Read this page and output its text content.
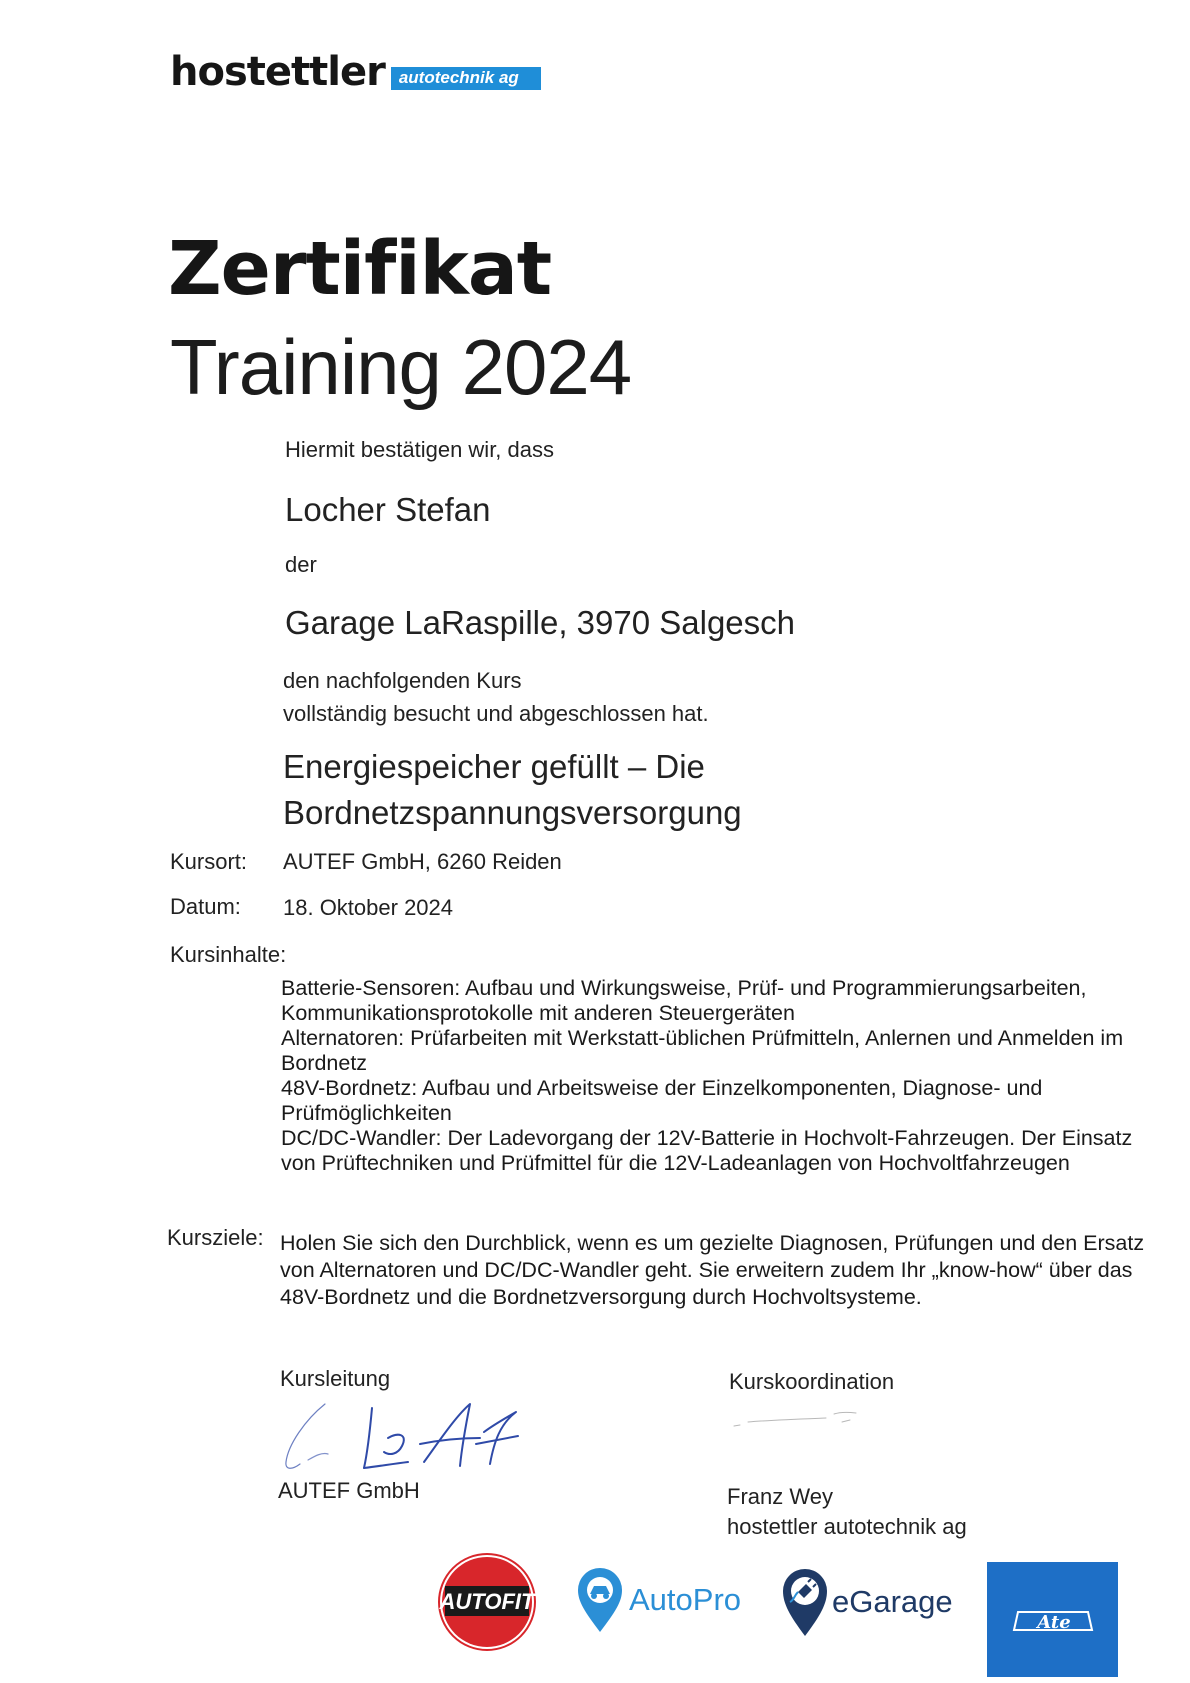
hostettler autotechnik ag
Zertifikat
Training 2024
Hiermit bestätigen wir, dass
Locher Stefan
der
Garage LaRaspille, 3970 Salgesch
den nachfolgenden Kurs
vollständig besucht und abgeschlossen hat.
Energiespeicher gefüllt – Die
Bordnetzspannungsversorgung
Kursort: AUTEF GmbH, 6260 Reiden
Datum: 18. Oktober 2024
Kursinhalte:
Batterie-Sensoren: Aufbau und Wirkungsweise, Prüf- und Programmierungsarbeiten,
Kommunikationsprotokolle mit anderen Steuergeräten
Alternatoren: Prüfarbeiten mit Werkstatt-üblichen Prüfmitteln, Anlernen und Anmelden im
Bordnetz
48V-Bordnetz: Aufbau und Arbeitsweise der Einzelkomponenten, Diagnose- und
Prüfmöglichkeiten
DC/DC-Wandler: Der Ladevorgang der 12V-Batterie in Hochvolt-Fahrzeugen. Der Einsatz
von Prüftechniken und Prüfmittel für die 12V-Ladeanlagen von Hochvoltfahrzeugen
Kursziele: Holen Sie sich den Durchblick, wenn es um gezielte Diagnosen, Prüfungen und den Ersatz
von Alternatoren und DC/DC-Wandler geht. Sie erweitern zudem Ihr „know-how“ über das
48V-Bordnetz und die Bordnetzversorgung durch Hochvoltsysteme.
Kursleitung	Kurskoordination
AUTEF GmbH	Franz Wey
hostettler autotechnik ag
AUTOFIT	AutoPro	eGarage
Ate
